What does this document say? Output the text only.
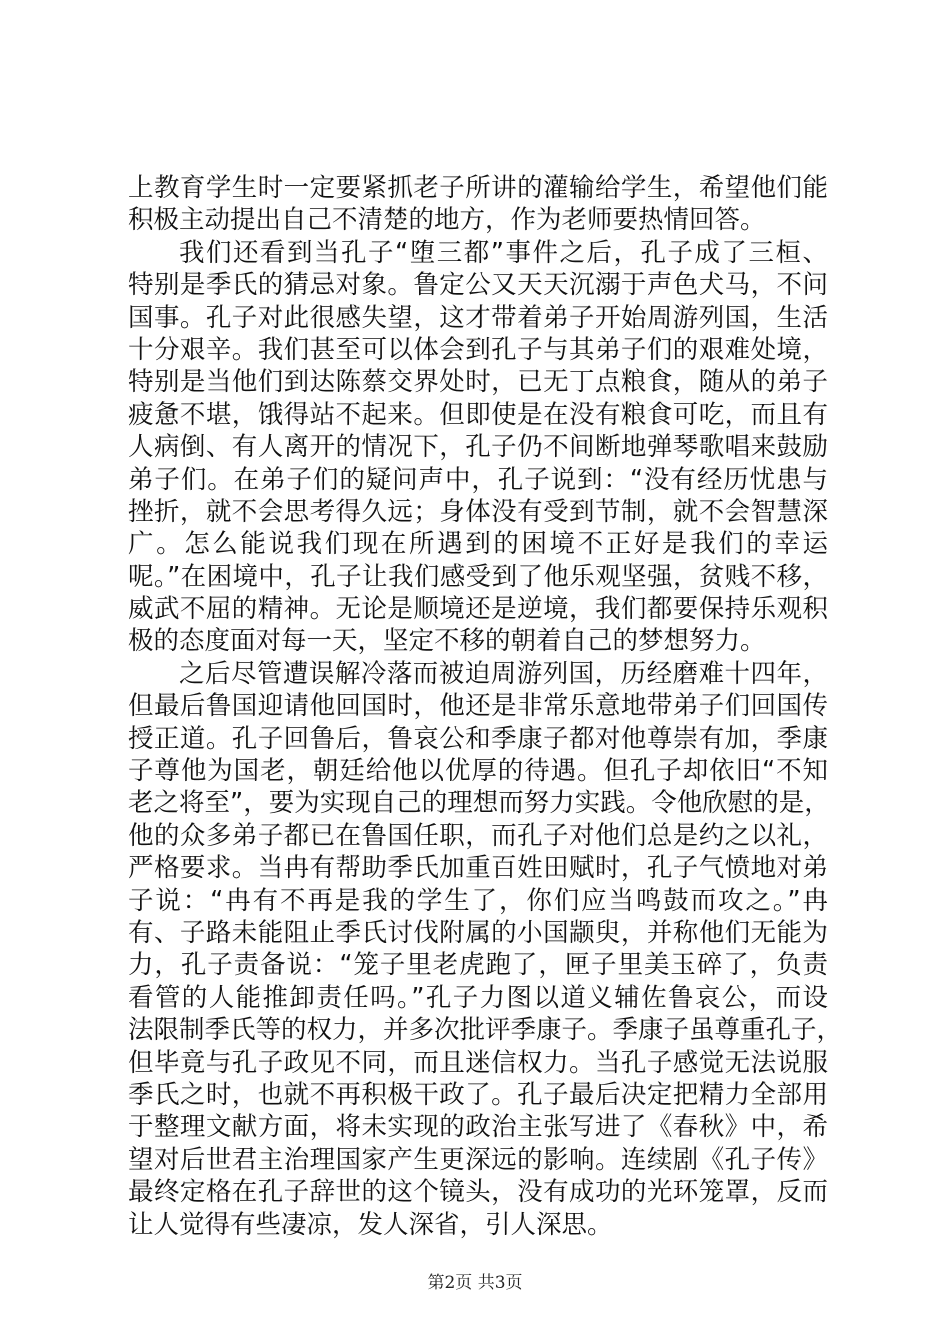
上教育学生时一定要紧抓老子所讲的灌输给学生，希望他们能
积极主动提出自己不清楚的地方，作为老师要热情回答。
我们还看到当孔子“堕三都”事件之后，孔子成了三桓、
特别是季氏的猜忌对象。鲁定公又天天沉溺于声色犬马，不问
国事。孔子对此很感失望，这才带着弟子开始周游列国，生活
十分艰辛。我们甚至可以体会到孔子与其弟子们的艰难处境，
特别是当他们到达陈蔡交界处时，已无丁点粮食，随从的弟子
疲惫不堪，饿得站不起来。但即使是在没有粮食可吃，而且有
人病倒、有人离开的情况下，孔子仍不间断地弹琴歌唱来鼓励
弟子们。在弟子们的疑问声中，孔子说到：“没有经历忧患与
挫折，就不会思考得久远；身体没有受到节制，就不会智慧深
广。怎么能说我们现在所遇到的困境不正好是我们的幸运
呢。”在困境中，孔子让我们感受到了他乐观坚强，贫贱不移，
威武不屈的精神。无论是顺境还是逆境，我们都要保持乐观积
极的态度面对每一天，坚定不移的朝着自己的梦想努力。
之后尽管遭误解冷落而被迫周游列国，历经磨难十四年，
但最后鲁国迎请他回国时，他还是非常乐意地带弟子们回国传
授正道。孔子回鲁后，鲁哀公和季康子都对他尊崇有加，季康
子尊他为国老，朝廷给他以优厚的待遇。但孔子却依旧“不知
老之将至”，要为实现自己的理想而努力实践。令他欣慰的是，
他的众多弟子都已在鲁国任职，而孔子对他们总是约之以礼，
严格要求。当冉有帮助季氏加重百姓田赋时，孔子气愤地对弟
子说：“冉有不再是我的学生了，你们应当鸣鼓而攻之。”冉
有、子路未能阻止季氏讨伐附属的小国颛臾，并称他们无能为
力，孔子责备说：“笼子里老虎跑了，匣子里美玉碎了，负责
看管的人能推卸责任吗。”孔子力图以道义辅佐鲁哀公，而设
法限制季氏等的权力，并多次批评季康子。季康子虽尊重孔子，
但毕竟与孔子政见不同，而且迷信权力。当孔子感觉无法说服
季氏之时，也就不再积极干政了。孔子最后决定把精力全部用
于整理文献方面，将未实现的政治主张写进了《春秋》中，希
望对后世君主治理国家产生更深远的影响。连续剧《孔子传》
最终定格在孔子辞世的这个镜头，没有成功的光环笼罩，反而
让人觉得有些凄凉，发人深省，引人深思。
第2页 共3页
